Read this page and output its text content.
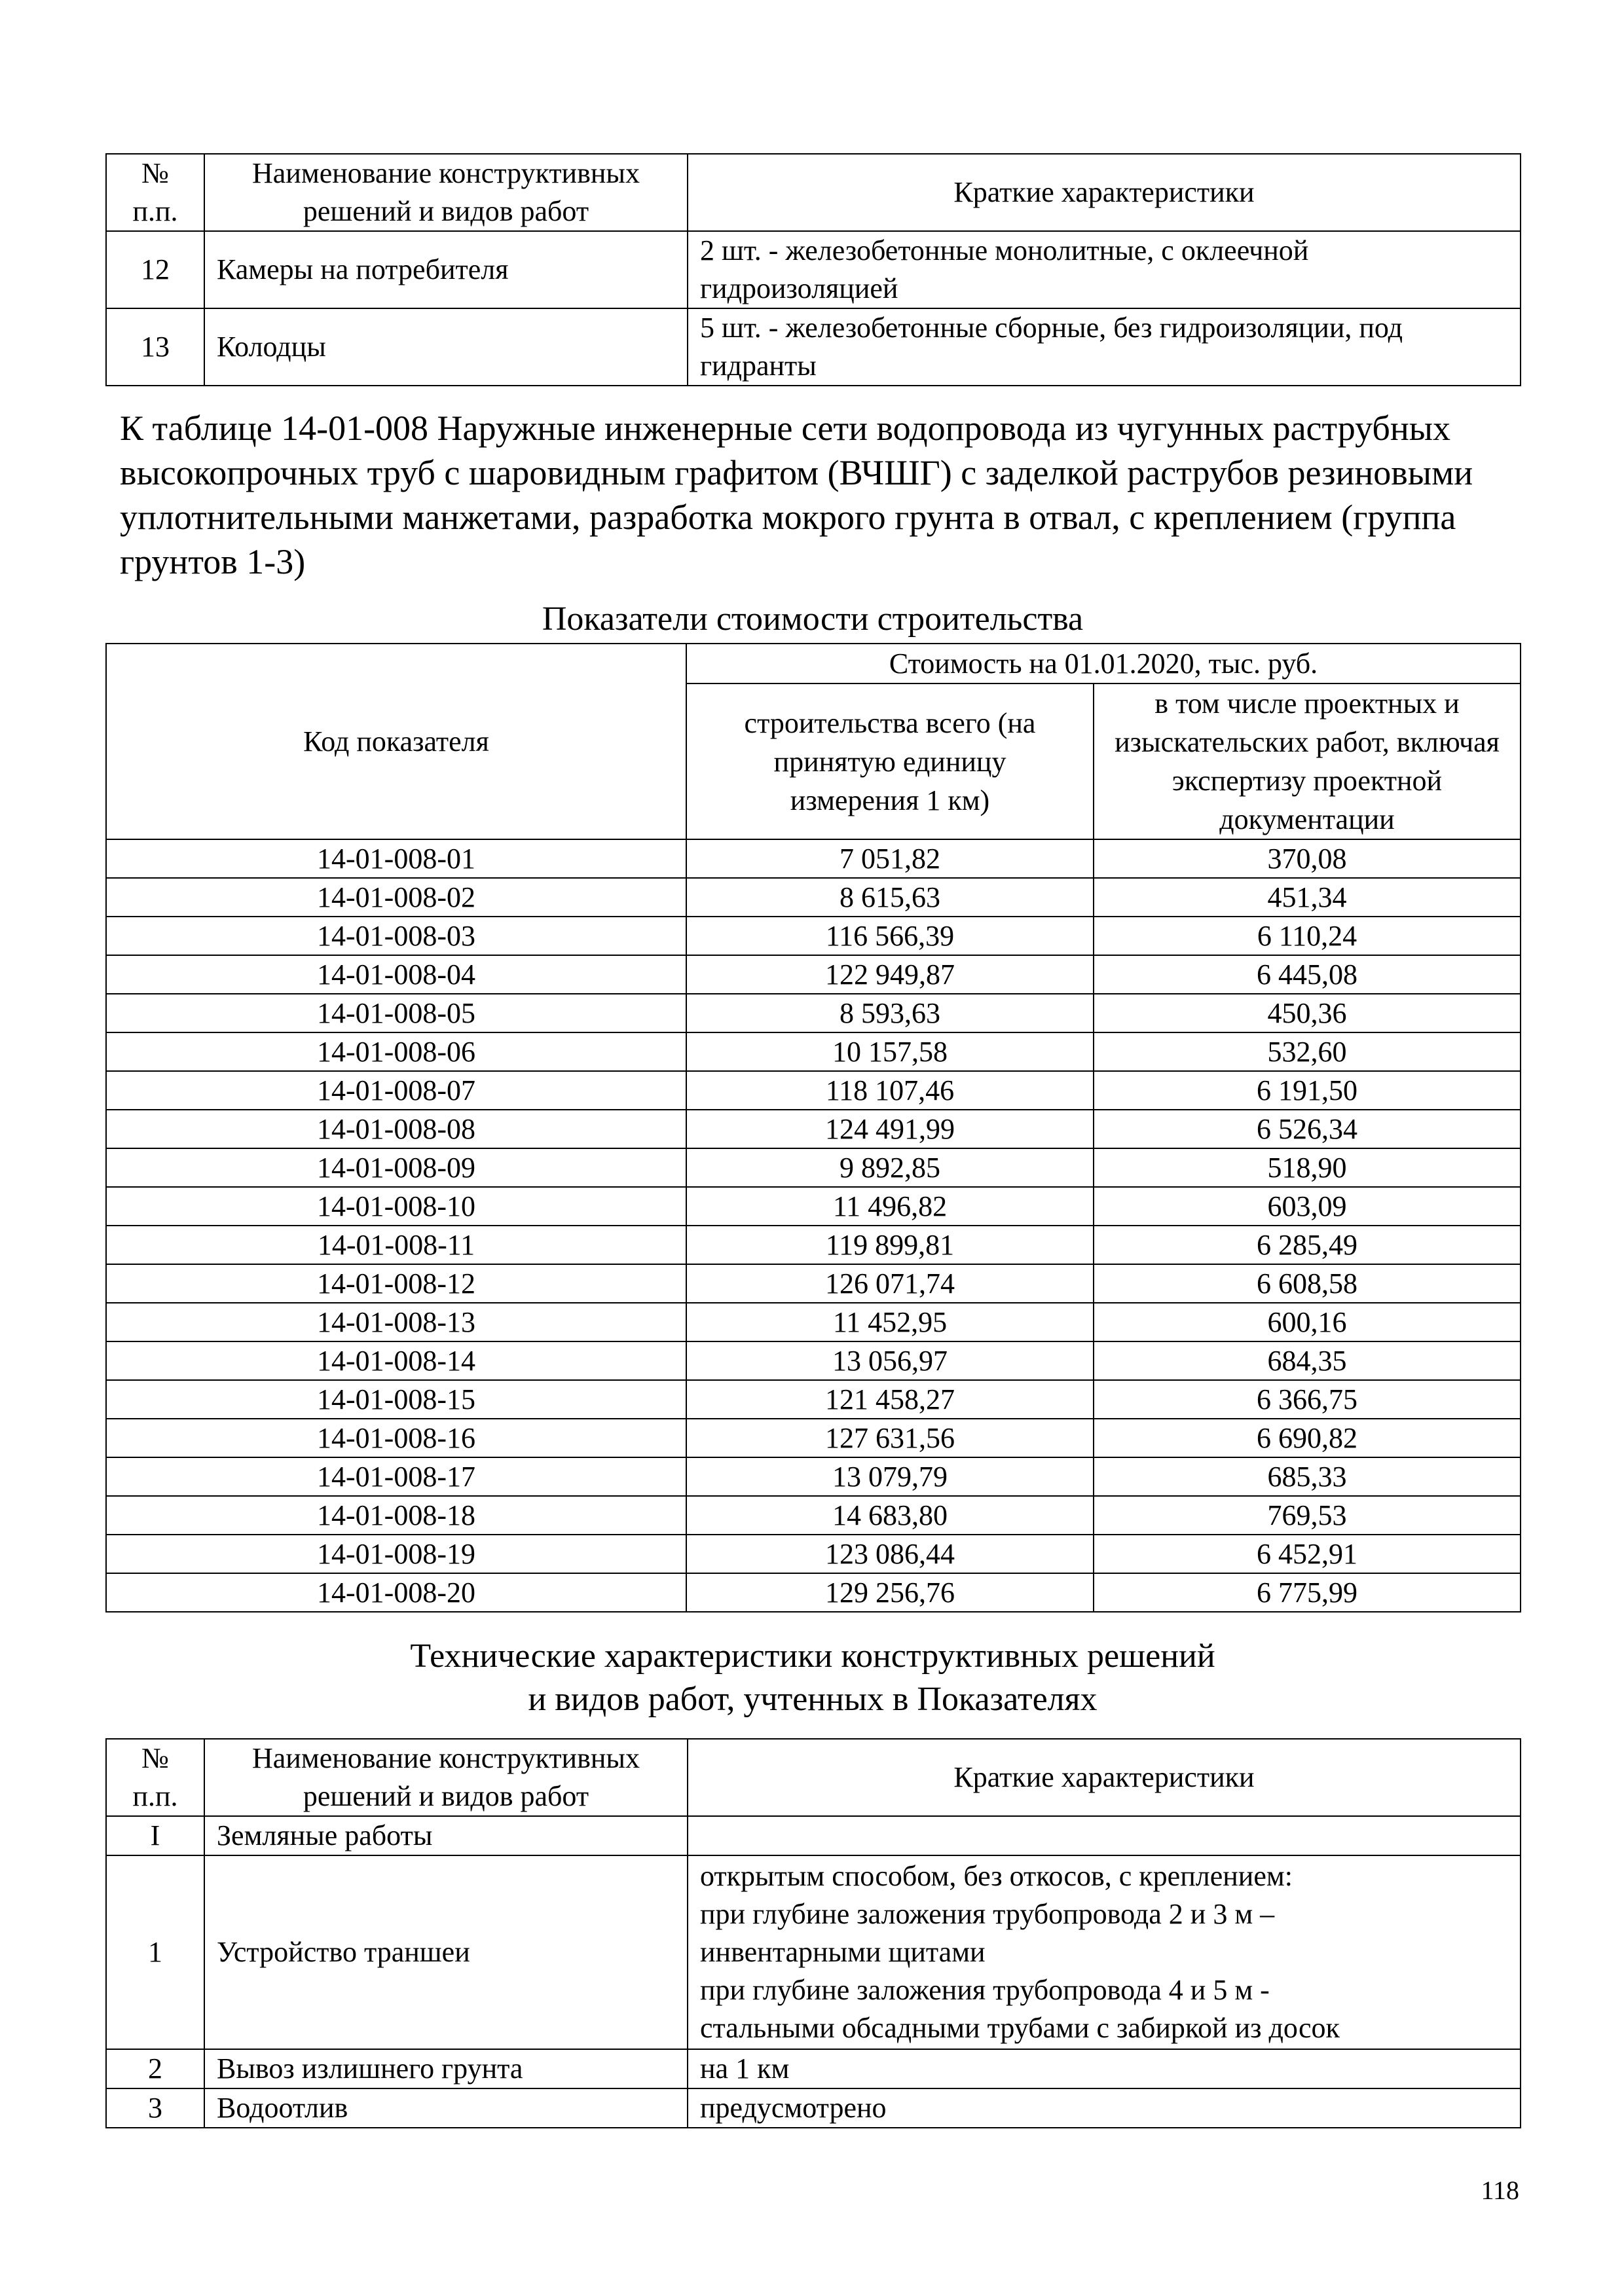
№ п.п.	Наименование конструктивных решений и видов работ	Краткие характеристики
12	Камеры на потребителя	2 шт. - железобетонные монолитные, с оклеечной гидроизоляцией
13	Колодцы	5 шт. - железобетонные сборные, без гидроизоляции, под гидранты
К таблице 14-01-008 Наружные инженерные сети водопровода из чугунных раструбных высокопрочных труб с шаровидным графитом (ВЧШГ) с заделкой раструбов резиновыми уплотнительными манжетами, разработка мокрого грунта в отвал, с креплением (группа грунтов 1-3)
Показатели стоимости строительства
Код показателя	Стоимость на 01.01.2020, тыс. руб.	
	строительства всего (на принятую единицу измерения 1 км)	в том числе проектных и изыскательских работ, включая экспертизу проектной документации
14-01-008-01	7 051,82	370,08
14-01-008-02	8 615,63	451,34
14-01-008-03	116 566,39	6 110,24
14-01-008-04	122 949,87	6 445,08
14-01-008-05	8 593,63	450,36
14-01-008-06	10 157,58	532,60
14-01-008-07	118 107,46	6 191,50
14-01-008-08	124 491,99	6 526,34
14-01-008-09	9 892,85	518,90
14-01-008-10	11 496,82	603,09
14-01-008-11	119 899,81	6 285,49
14-01-008-12	126 071,74	6 608,58
14-01-008-13	11 452,95	600,16
14-01-008-14	13 056,97	684,35
14-01-008-15	121 458,27	6 366,75
14-01-008-16	127 631,56	6 690,82
14-01-008-17	13 079,79	685,33
14-01-008-18	14 683,80	769,53
14-01-008-19	123 086,44	6 452,91
14-01-008-20	129 256,76	6 775,99
Технические характеристики конструктивных решений
и видов работ, учтенных в Показателях
№ п.п.	Наименование конструктивных решений и видов работ	Краткие характеристики
I	Земляные работы	
1	Устройство траншеи	открытым способом, без откосов, с креплением:
при глубине заложения трубопровода 2 и 3 м –
инвентарными щитами
при глубине заложения трубопровода 4 и 5 м -
стальными обсадными трубами с забиркой из досок

2	Вывоз излишнего грунта	на 1 км
3	Водоотлив	предусмотрено
118
